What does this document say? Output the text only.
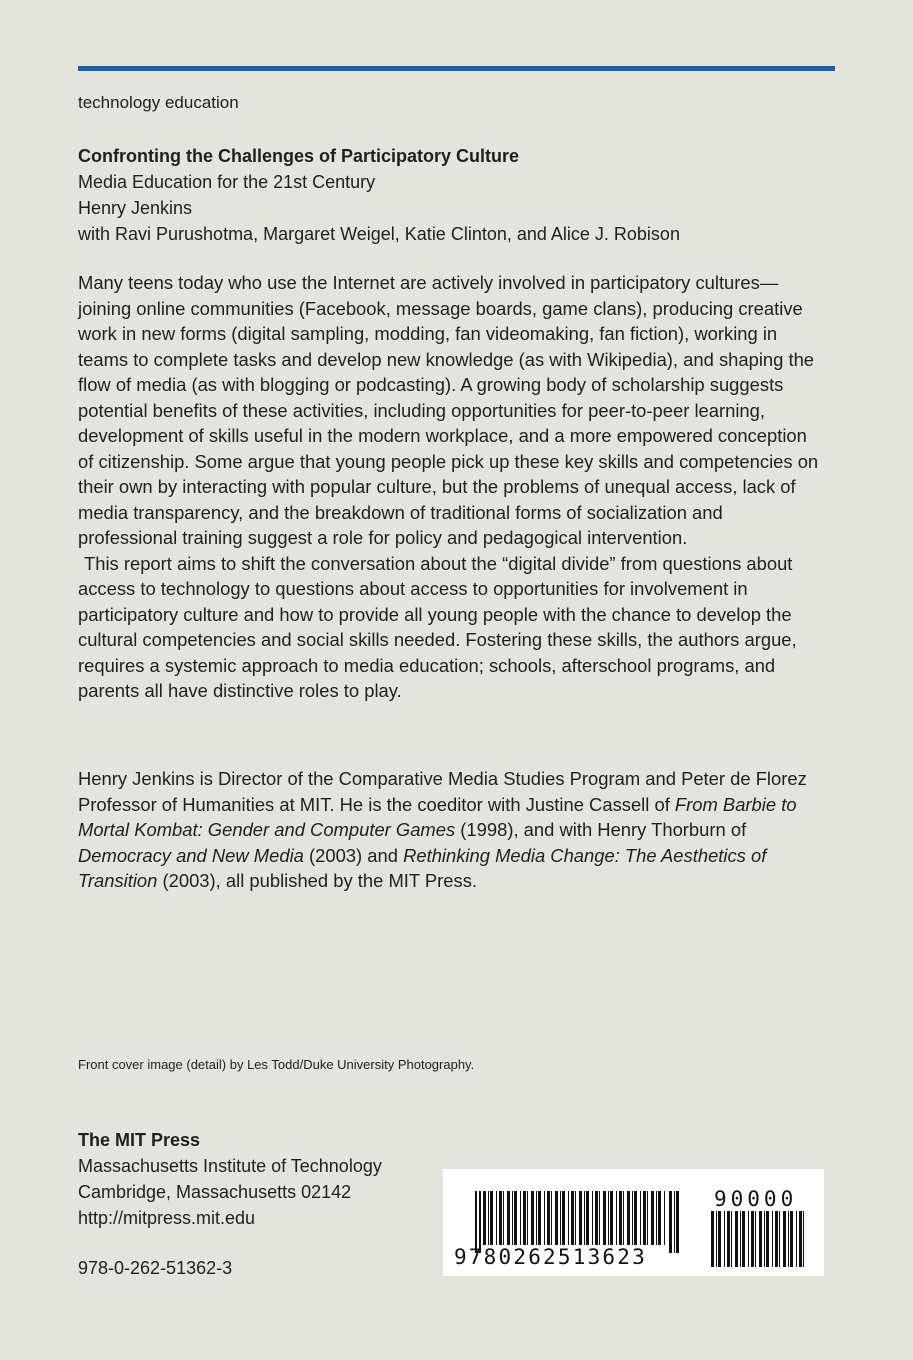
technology education
Confronting the Challenges of Participatory Culture
Media Education for the 21st Century
Henry Jenkins
with Ravi Purushotma, Margaret Weigel, Katie Clinton, and Alice J. Robison

Many teens today who use the Internet are actively involved in participatory cultures—joining online communities (Facebook, message boards, game clans), producing creative work in new forms (digital sampling, modding, fan videomaking, fan fiction), working in teams to complete tasks and develop new knowledge (as with Wikipedia), and shaping the flow of media (as with blogging or podcasting). A growing body of scholarship suggests potential benefits of these activities, including opportunities for peer-to-peer learning, development of skills useful in the modern workplace, and a more empowered conception of citizenship. Some argue that young people pick up these key skills and competencies on their own by interacting with popular culture, but the problems of unequal access, lack of media transparency, and the breakdown of traditional forms of socialization and professional training suggest a role for policy and pedagogical intervention.

This report aims to shift the conversation about the “digital divide” from questions about access to technology to questions about access to opportunities for involvement in participatory culture and how to provide all young people with the chance to develop the cultural competencies and social skills needed. Fostering these skills, the authors argue, requires a systemic approach to media education; schools, afterschool programs, and parents all have distinctive roles to play.

Henry Jenkins is Director of the Comparative Media Studies Program and Peter de Florez Professor of Humanities at MIT. He is the coeditor with Justine Cassell of From Barbie to Mortal Kombat: Gender and Computer Games (1998), and with Henry Thorburn of Democracy and New Media (2003) and Rethinking Media Change: The Aesthetics of Transition (2003), all published by the MIT Press.

Front cover image (detail) by Les Todd/Duke University Photography.
The MIT Press
Massachusetts Institute of Technology
Cambridge, Massachusetts 02142
http://mitpress.mit.edu
978-0-262-51362-3	9780262513623
90000
